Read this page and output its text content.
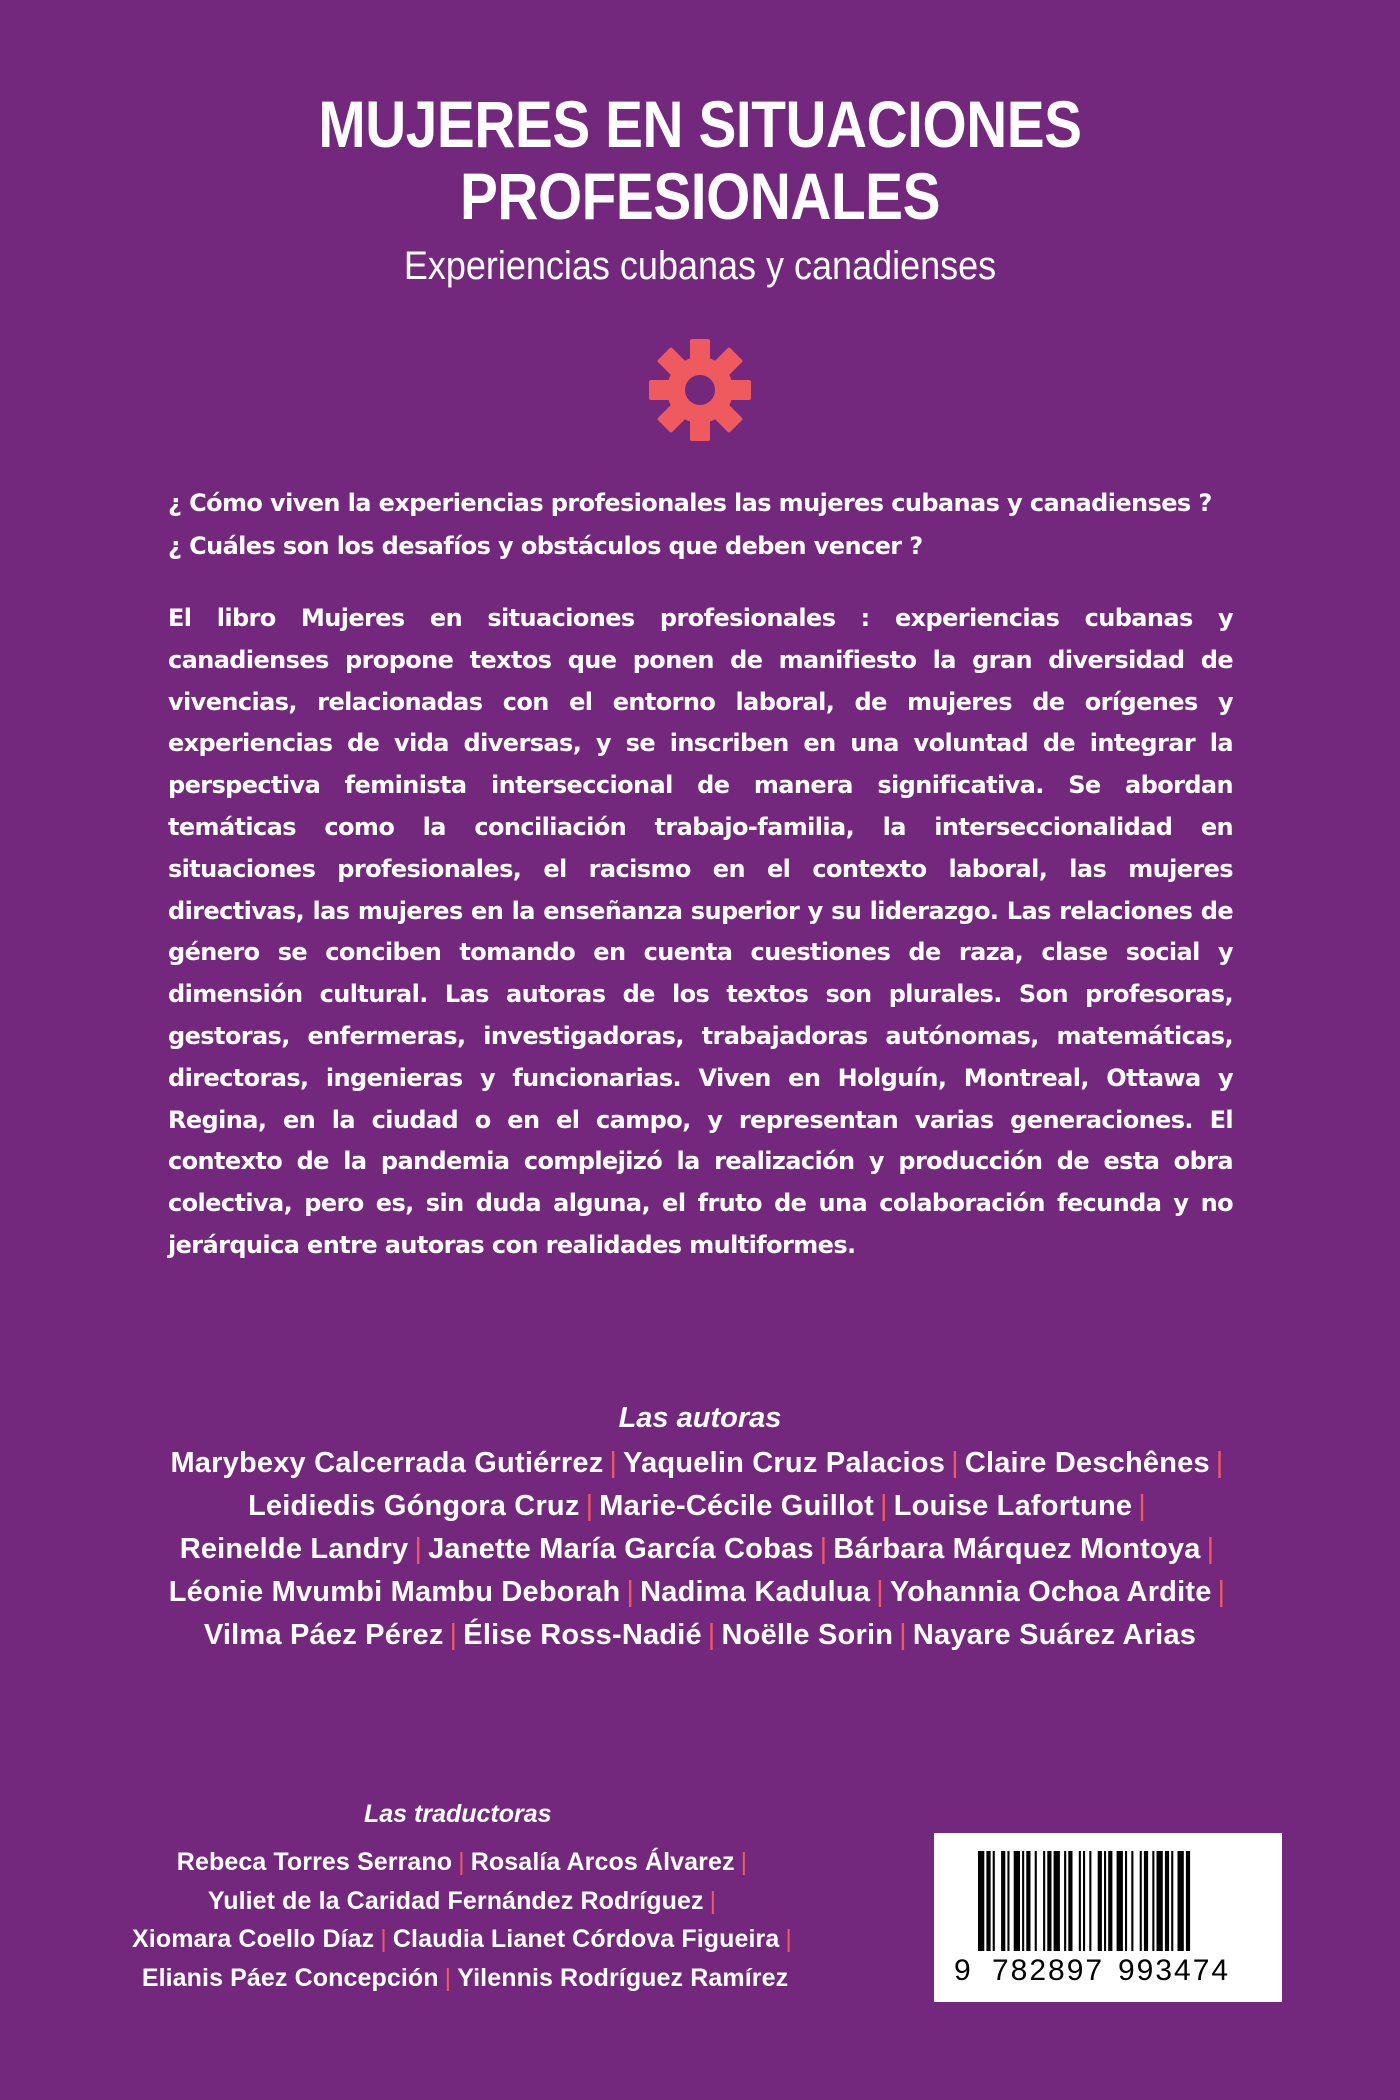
MUJERES EN SITUACIONES
PROFESIONALES
Experiencias cubanas y canadienses

¿ Cómo viven la experiencias profesionales las mujeres cubanas y canadienses ?

¿ Cuáles son los desafíos y obstáculos que deben vencer ?

El libro Mujeres en situaciones profesionales : experiencias cubanas y canadienses propone textos que ponen de manifiesto la gran diversidad de vivencias, relacionadas con el entorno laboral, de mujeres de orígenes y experiencias de vida diversas, y se inscriben en una voluntad de integrar la perspectiva feminista interseccional de manera significativa. Se abordan temáticas como la conciliación trabajo-familia, la interseccionalidad en situaciones profesionales, el racismo en el contexto laboral, las mujeres directivas, las mujeres en la enseñanza superior y su liderazgo. Las relaciones de género se conciben tomando en cuenta cuestiones de raza, clase social y dimensión cultural. Las autoras de los textos son plurales. Son profesoras, gestoras, enfermeras, investigadoras, trabajadoras autónomas, matemáticas, directoras, ingenieras y funcionarias. Viven en Holguín, Montreal, Ottawa y Regina, en la ciudad o en el campo, y representan varias generaciones. El contexto de la pandemia complejizó la realización y producción de esta obra colectiva, pero es, sin duda alguna, el fruto de una colaboración fecunda y no jerárquica entre autoras con realidades multiformes.

Las autoras
Marybexy Calcerrada Gutiérrez | Yaquelin Cruz Palacios | Claire Deschênes |
Leidiedis Góngora Cruz | Marie-Cécile Guillot | Louise Lafortune |
Reinelde Landry | Janette María García Cobas | Bárbara Márquez Montoya |
Léonie Mvumbi Mambu Deborah | Nadima Kadulua | Yohannia Ochoa Ardite |
Vilma Páez Pérez | Élise Ross-Nadié | Noëlle Sorin | Nayare Suárez Arias
Las traductoras
Rebeca Torres Serrano | Rosalía Arcos Álvarez |
Yuliet de la Caridad Fernández Rodríguez |
Xiomara Coello Díaz | Claudia Lianet Córdova Figueira |
Elianis Páez Concepción | Yilennis Rodríguez Ramírez	9 782897 993474
